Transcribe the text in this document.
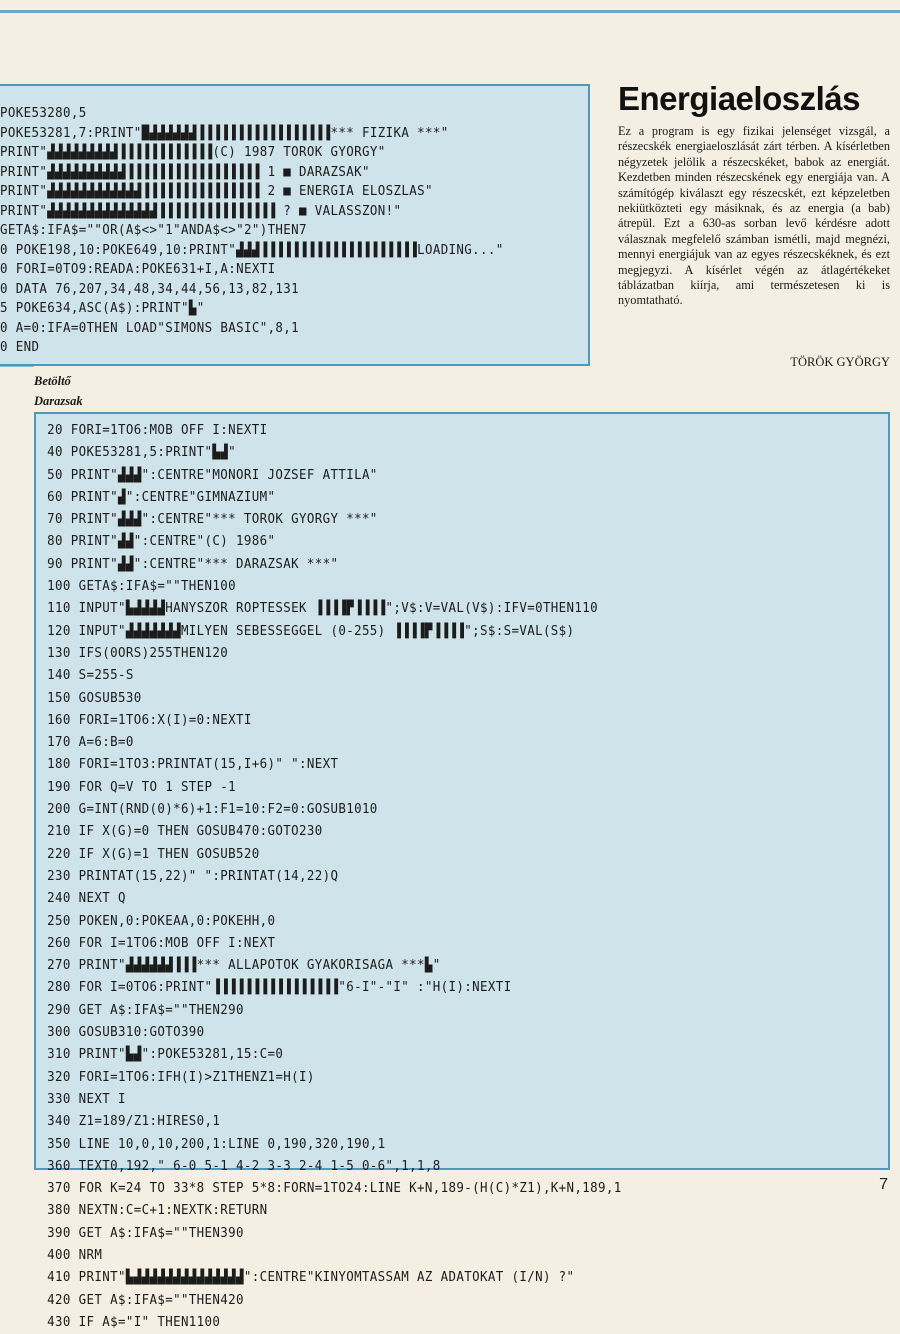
POKE53280,5
POKE53281,7:PRINT"█▟▟▟▟▟▟▐▐▐▐▐▐▐▐▐▐▐▐▐▐▐▐▐*** FIZIKA ***"
PRINT"▟▟▟▟▟▟▟▟▟▐▐▐▐▐▐▐▐▐▐▐▐(C) 1987 TOROK GYORGY"
PRINT"▟▟▟▟▟▟▟▟▟▟▐▐▐▐▐▐▐▐▐▐▐▐▐▐▐▐▐ 1 ■ DARAZSAK"
PRINT"▟▟▟▟▟▟▟▟▟▟▟▟▐▐▐▐▐▐▐▐▐▐▐▐▐▐▐ 2 ■ ENERGIA ELOSZLAS"
PRINT"▟▟▟▟▟▟▟▟▟▟▟▟▟▟▐▐▐▐▐▐▐▐▐▐▐▐▐▐▐ ? ■ VALASSZON!"
GETA$:IFA$=""OR(A$<>"1"ANDA$<>"2")THEN7
0 POKE198,10:POKE649,10:PRINT"▟▟▟▐▐▐▐▐▐▐▐▐▐▐▐▐▐▐▐▐▐▐▐LOADING..."
0 FORI=0TO9:READA:POKE631+I,A:NEXTI
0 DATA 76,207,34,48,34,44,56,13,82,131
5 POKE634,ASC(A$):PRINT"▙"
0 A=0:IFA=0THEN LOAD"SIMONS BASIC",8,1
0 END
Energiaeloszlás

Ez a program is egy fizikai jelenséget vizsgál, a részecskék energiaeloszlását zárt térben. A kísérletben négyzetek jelölik a részecskéket, babok az energiát. Kezdetben minden részecskének egy energiája van. A számítógép kiválaszt egy részecskét, ezt képzeletben nekiütközteti egy másiknak, és az energia (a bab) átrepül. Ezt a 630-as sorban levő kérdésre adott válasznak megfelelő számban ismétli, majd megnézi, mennyi energiájuk van az egyes részecskéknek, és ezt megjegyzi. A kísérlet végén az átlagértékeket táblázatban kiírja, ami természetesen ki is nyomtatható.

TÖRÖK GYÖRGY

Betöltő

Darazsak

20 FORI=1TO6:MOB OFF I:NEXTI
40 POKE53281,5:PRINT"▙▟"
50 PRINT"▟▟▟":CENTRE"MONORI JOZSEF ATTILA"
60 PRINT"▟":CENTRE"GIMNAZIUM"
70 PRINT"▟▟▟":CENTRE"*** TOROK GYORGY ***"
80 PRINT"▟▟":CENTRE"(C) 1986"
90 PRINT"▟▟":CENTRE"*** DARAZSAK ***"
100 GETA$:IFA$=""THEN100
110 INPUT"▙▟▟▟▟HANYSZOR ROPTESSEK ▐▐▐▐▛▐▐▐▐";V$:V=VAL(V$):IFV=0THEN110
120 INPUT"▟▟▟▟▟▟▟MILYEN SEBESSEGGEL (0-255) ▐▐▐▐▛▐▐▐▐";S$:S=VAL(S$)
130 IFS(0ORS)255THEN120
140 S=255-S
150 GOSUB530
160 FORI=1TO6:X(I)=0:NEXTI
170 A=6:B=0
180 FORI=1TO3:PRINTAT(15,I+6)" ":NEXT
190 FOR Q=V TO 1 STEP -1
200 G=INT(RND(0)*6)+1:F1=10:F2=0:GOSUB1010
210 IF X(G)=0 THEN GOSUB470:GOTO230
220 IF X(G)=1 THEN GOSUB520
230 PRINTAT(15,22)" ":PRINTAT(14,22)Q
240 NEXT Q
250 POKEN,0:POKEAA,0:POKEHH,0
260 FOR I=1TO6:MOB OFF I:NEXT
270 PRINT"▟▟▟▟▟▟▐▐▐*** ALLAPOTOK GYAKORISAGA ***▙"
280 FOR I=0TO6:PRINT"▐▐▐▐▐▐▐▐▐▐▐▐▐▐▐▐"6-I"-"I" :"H(I):NEXTI
290 GET A$:IFA$=""THEN290
300 GOSUB310:GOTO390
310 PRINT"▙▟":POKE53281,15:C=0
320 FORI=1TO6:IFH(I)>Z1THENZ1=H(I)
330 NEXT I
340 Z1=189/Z1:HIRES0,1
350 LINE 10,0,10,200,1:LINE 0,190,320,190,1
360 TEXT0,192," 6-0 5-1 4-2 3-3 2-4 1-5 0-6",1,1,8
370 FOR K=24 TO 33*8 STEP 5*8:FORN=1TO24:LINE K+N,189-(H(C)*Z1),K+N,189,1
380 NEXTN:C=C+1:NEXTK:RETURN
390 GET A$:IFA$=""THEN390
400 NRM
410 PRINT"▙▟▟▟▟▟▟▟▟▟▟▟▟▟▟":CENTRE"KINYOMTASSAM AZ ADATOKAT (I/N) ?"
420 GET A$:IFA$=""THEN420
430 IF A$="I" THEN1100
7
